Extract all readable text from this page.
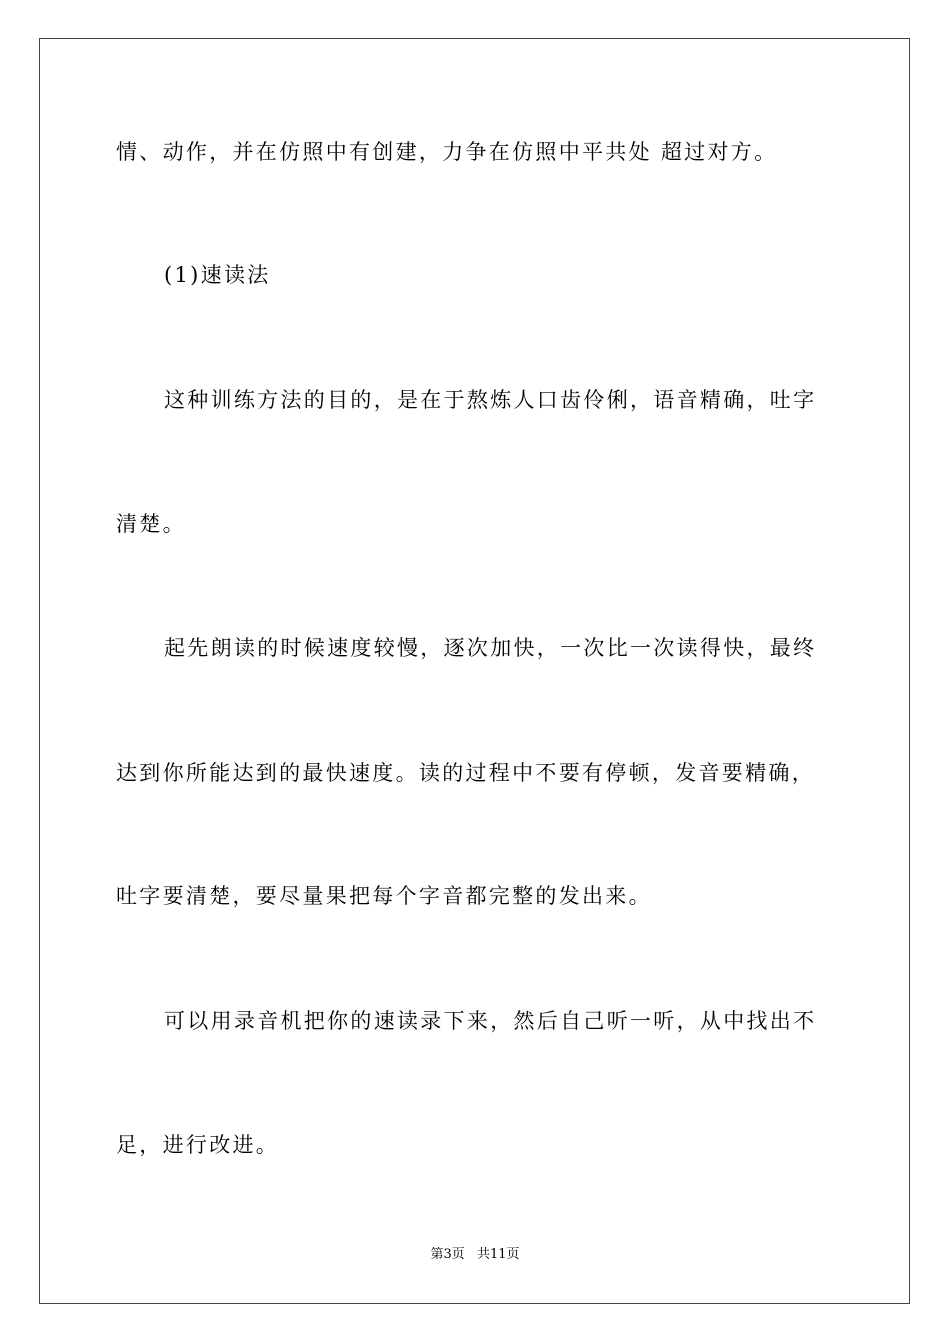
情、动作，并在仿照中有创建，力争在仿照中平共处 超过对方。
(1)速读法
这种训练方法的目的，是在于熬炼人口齿伶俐，语音精确，吐字
清楚。
起先朗读的时候速度较慢，逐次加快，一次比一次读得快，最终
达到你所能达到的最快速度。读的过程中不要有停顿，发音要精确，
吐字要清楚，要尽量果把每个字音都完整的发出来。
可以用录音机把你的速读录下来，然后自己听一听，从中找出不
足，进行改进。
第3页 共11页
